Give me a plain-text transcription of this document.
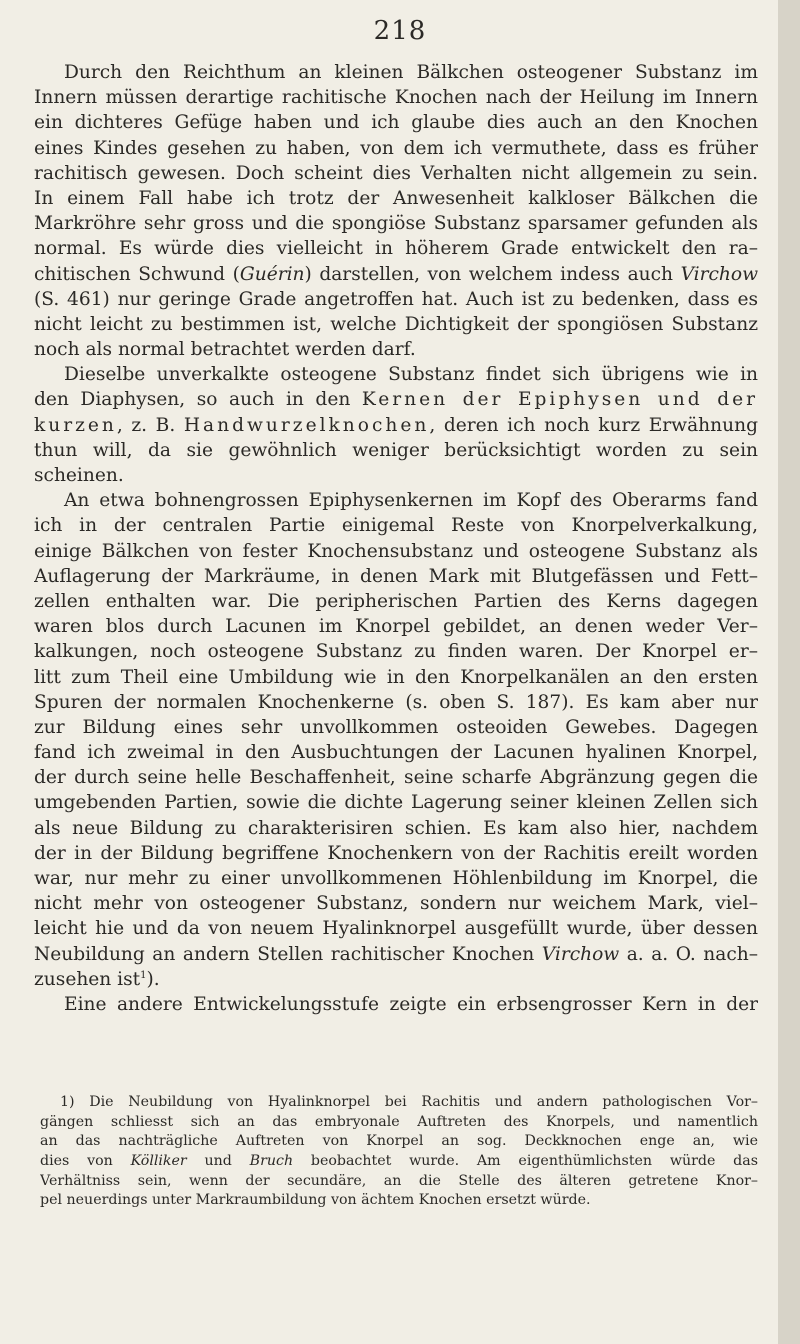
218
Durch den Reichthum an kleinen Bälkchen osteogener Substanz im
Innern müssen derartige rachitische Knochen nach der Heilung im Innern
ein dichteres Gefüge haben und ich glaube dies auch an den Knochen
eines Kindes gesehen zu haben, von dem ich vermuthete, dass es früher
rachitisch gewesen. Doch scheint dies Verhalten nicht allgemein zu sein.
In einem Fall habe ich trotz der Anwesenheit kalkloser Bälkchen die
Markröhre sehr gross und die spongiöse Substanz sparsamer gefunden als
normal. Es würde dies vielleicht in höherem Grade entwickelt den ra–
chitischen Schwund (Guérin) darstellen, von welchem indess auch Virchow
(S. 461) nur geringe Grade angetroffen hat. Auch ist zu bedenken, dass es
nicht leicht zu bestimmen ist, welche Dichtigkeit der spongiösen Substanz
noch als normal betrachtet werden darf.
Dieselbe unverkalkte osteogene Substanz findet sich übrigens wie in
den Diaphysen, so auch in den Kernen der Epiphysen und der
kurzen, z. B. Handwurzelknochen, deren ich noch kurz Erwähnung
thun will, da sie gewöhnlich weniger berücksichtigt worden zu sein
scheinen.
An etwa bohnengrossen Epiphysenkernen im Kopf des Oberarms fand
ich in der centralen Partie einigemal Reste von Knorpelverkalkung,
einige Bälkchen von fester Knochensubstanz und osteogene Substanz als
Auflagerung der Markräume, in denen Mark mit Blutgefässen und Fett–
zellen enthalten war. Die peripherischen Partien des Kerns dagegen
waren blos durch Lacunen im Knorpel gebildet, an denen weder Ver–
kalkungen, noch osteogene Substanz zu finden waren. Der Knorpel er–
litt zum Theil eine Umbildung wie in den Knorpelkanälen an den ersten
Spuren der normalen Knochenkerne (s. oben S. 187). Es kam aber nur
zur Bildung eines sehr unvollkommen osteoiden Gewebes. Dagegen
fand ich zweimal in den Ausbuchtungen der Lacunen hyalinen Knorpel,
der durch seine helle Beschaffenheit, seine scharfe Abgränzung gegen die
umgebenden Partien, sowie die dichte Lagerung seiner kleinen Zellen sich
als neue Bildung zu charakterisiren schien. Es kam also hier, nachdem
der in der Bildung begriffene Knochenkern von der Rachitis ereilt worden
war, nur mehr zu einer unvollkommenen Höhlenbildung im Knorpel, die
nicht mehr von osteogener Substanz, sondern nur weichem Mark, viel–
leicht hie und da von neuem Hyalinknorpel ausgefüllt wurde, über dessen
Neubildung an andern Stellen rachitischer Knochen Virchow a. a. O. nach–
zusehen ist$^1$).
Eine andere Entwickelungsstufe zeigte ein erbsengrosser Kern in der
1) Die Neubildung von Hyalinknorpel bei Rachitis und andern pathologischen Vor–
gängen schliesst sich an das embryonale Auftreten des Knorpels, und namentlich
an das nachträgliche Auftreten von Knorpel an sog. Deckknochen enge an, wie
dies von Kölliker und Bruch beobachtet wurde. Am eigenthümlichsten würde das
Verhältniss sein, wenn der secundäre, an die Stelle des älteren getretene Knor–
pel neuerdings unter Markraumbildung von ächtem Knochen ersetzt würde.
